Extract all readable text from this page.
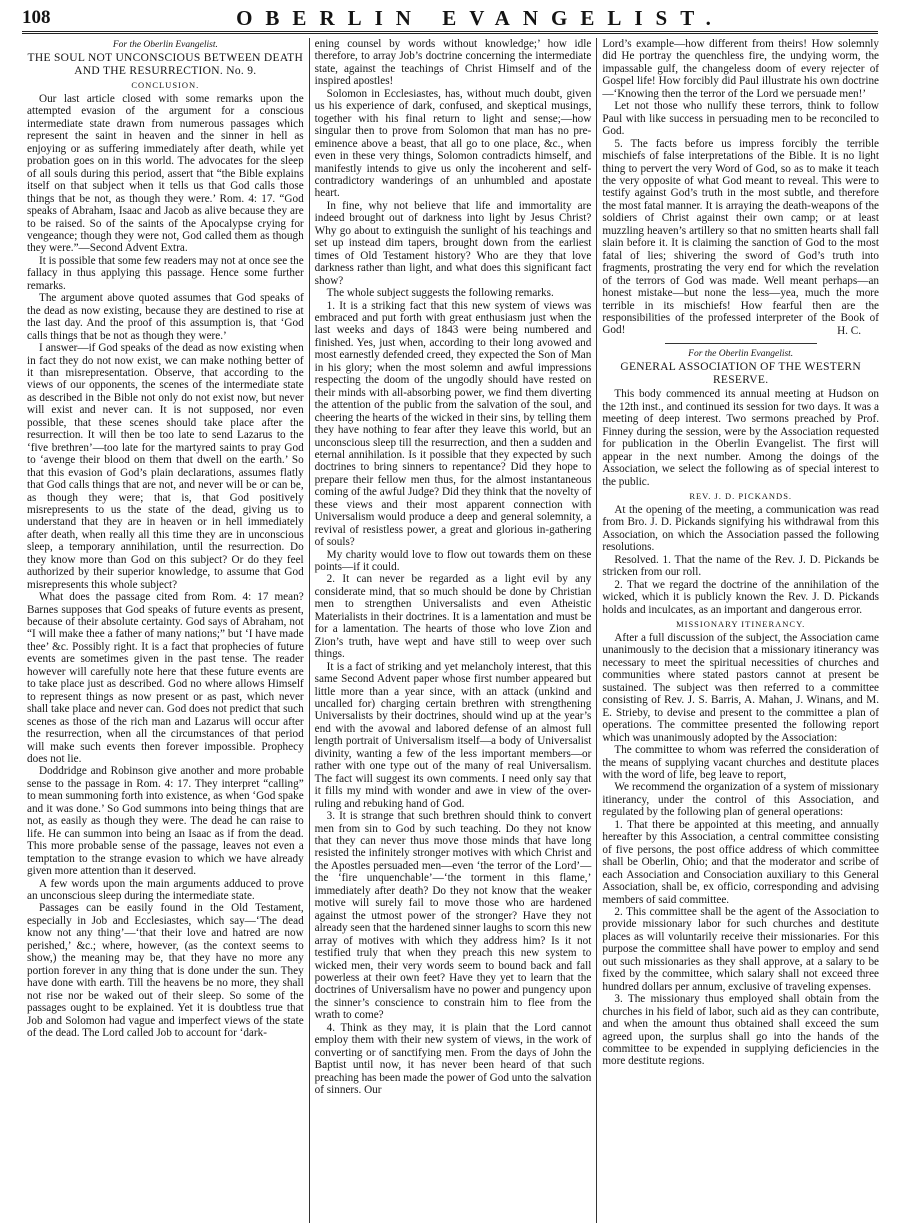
108	OBERLIN EVANGELIST.
For the Oberlin Evangelist.
THE SOUL NOT UNCONSCIOUS BETWEEN DEATH AND THE RESURRECTION. No. 9.
CONCLUSION.

Our last article closed with some remarks upon the attempted evasion of the argument for a conscious intermediate state drawn from numerous passages which represent the saint in heaven and the sinner in hell as enjoying or as suffering immediately after death, while yet probation goes on in this world. The advocates for the sleep of all souls during this period, assert that “the Bible explains itself on that subject when it tells us that God calls those things that be not, as though they were.’ Rom. 4: 17. “God speaks of Abraham, Isaac and Jacob as alive because they are to be raised. So of the saints of the Apocalypse crying for vengeance; though they were not, God called them as though they were.”—Second Advent Extra.

It is possible that some few readers may not at once see the fallacy in thus applying this passage. Hence some further remarks.

The argument above quoted assumes that God speaks of the dead as now existing, because they are destined to rise at the last day. And the proof of this assumption is, that ‘God calls things that be not as though they were.’

I answer—if God speaks of the dead as now existing when in fact they do not now exist, we can make nothing better of it than misrepresentation. Observe, that according to the views of our opponents, the scenes of the intermediate state as described in the Bible not only do not exist now, but never will exist and never can. It is not supposed, nor even possible, that these scenes should take place after the resurrection. It will then be too late to send Lazarus to the ‘five brethren’—too late for the martyred saints to pray God to ‘avenge their blood on them that dwell on the earth.’ So that this evasion of God’s plain declarations, assumes flatly that God calls things that are not, and never will be or can be, as though they were; that is, that God positively misrepresents to us the state of the dead, giving us to understand that they are in heaven or in hell immediately after death, when really all this time they are in unconscious sleep, a temporary annihilation, until the resurrection. Do they know more than God on this subject? Or do they feel authorized by their superior knowledge, to assume that God misrepresents this whole subject?

What does the passage cited from Rom. 4: 17 mean? Barnes supposes that God speaks of future events as present, because of their absolute certainty. God says of Abraham, not “I will make thee a father of many nations;” but ‘I have made thee’ &c. Possibly right. It is a fact that prophecies of future events are sometimes given in the past tense. The reader however will carefully note here that these future events are to take place just as described. God no where allows Himself to represent things as now present or as past, which never shall take place and never can. God does not predict that such scenes as those of the rich man and Lazarus will occur after the resurrection, when all the circumstances of that period will make such events then forever impossible. Prophecy does not lie.

Doddridge and Robinson give another and more probable sense to the passage in Rom. 4: 17. They interpret “calling” to mean summoning forth into existence, as when ‘God spake and it was done.’ So God summons into being things that are not, as easily as though they were. The dead he can raise to life. He can summon into being an Isaac as if from the dead. This more probable sense of the passage, leaves not even a temptation to the strange evasion to which we have already given more attention than it deserved.

A few words upon the main arguments adduced to prove an unconscious sleep during the intermediate state.

Passages can be easily found in the Old Testament, especially in Job and Ecclesiastes, which say—‘The dead know not any thing’—‘that their love and hatred are now perished,’ &c.; where, however, (as the context seems to show,) the meaning may be, that they have no more any portion forever in any thing that is done under the sun. They have done with earth. Till the heavens be no more, they shall not rise nor be waked out of their sleep. So some of the passages ought to be explained. Yet it is doubtless true that Job and Solomon had vague and imperfect views of the state of the dead. The Lord called Job to account for ‘dark-

ening counsel by words without knowledge;’ how idle therefore, to array Job’s doctrine concerning the intermediate state, against the teachings of Christ Himself and of the inspired apostles!

Solomon in Ecclesiastes, has, without much doubt, given us his experience of dark, confused, and skeptical musings, together with his final return to light and sense;—how singular then to prove from Solomon that man has no pre-eminence above a beast, that all go to one place, &c., when even in these very things, Solomon contradicts himself, and manifestly intends to give us only the incoherent and self-contradictory wanderings of an unhumbled and apostate heart.

In fine, why not believe that life and immortality are indeed brought out of darkness into light by Jesus Christ? Why go about to extinguish the sunlight of his teachings and set up instead dim tapers, brought down from the earliest times of Old Testament history? Who are they that love darkness rather than light, and what does this significant fact show?

The whole subject suggests the following remarks.

1. It is a striking fact that this new system of views was embraced and put forth with great enthusiasm just when the last weeks and days of 1843 were being numbered and finished. Yes, just when, according to their long avowed and most earnestly defended creed, they expected the Son of Man in his glory; when the most solemn and awful impressions respecting the doom of the ungodly should have rested on their minds with all-absorbing power, we find them diverting the attention of the public from the salvation of the soul, and cheering the hearts of the wicked in their sins, by telling them they have nothing to fear after they leave this world, but an unconscious sleep till the resurrection, and then a sudden and eternal annihilation. Is it possible that they expected by such doctrines to bring sinners to repentance? Did they hope to prepare their fellow men thus, for the almost instantaneous coming of the awful Judge? Did they think that the novelty of these views and their most apparent connection with Universalism would produce a deep and general solemnity, a revival of resistless power, a great and glorious in-gathering of souls?

My charity would love to flow out towards them on these points—if it could.

2. It can never be regarded as a light evil by any considerate mind, that so much should be done by Christian men to strengthen Universalists and even Atheistic Materialists in their doctrines. It is a lamentation and must be for a lamentation. The hearts of those who love Zion and Zion’s truth, have wept and have still to weep over such things.

It is a fact of striking and yet melancholy interest, that this same Second Advent paper whose first number appeared but little more than a year since, with an attack (unkind and uncalled for) charging certain brethren with strengthening Universalists by their doctrines, should wind up at the year’s end with the avowal and labored defense of an almost full length portrait of Universalism itself—a body of Universalist divinity, wanting a few of the less important members—or rather with one type out of the many of real Universalism. The fact will suggest its own comments. I need only say that it fills my mind with wonder and awe in view of the over-ruling and rebuking hand of God.

3. It is strange that such brethren should think to convert men from sin to God by such teaching. Do they not know that they can never thus move those minds that have long resisted the infinitely stronger motives with which Christ and the Apostles persuaded men—even ‘the terror of the Lord’—the ‘fire unquenchable’—‘the torment in this flame,’ immediately after death? Do they not know that the weaker motive will surely fail to move those who are hardened against the utmost power of the stronger? Have they not already seen that the hardened sinner laughs to scorn this new array of motives with which they address him? Is it not testified truly that when they preach this new system to wicked men, their very words seem to bound back and fall powerless at their own feet? Have they yet to learn that the doctrines of Universalism have no power and pungency upon the sinner’s conscience to constrain him to flee from the wrath to come?

4. Think as they may, it is plain that the Lord cannot employ them with their new system of views, in the work of converting or of sanctifying men. From the days of John the Baptist until now, it has never been heard of that such preaching has been made the power of God unto the salvation of sinners. Our

Lord’s example—how different from theirs! How solemnly did He portray the quenchless fire, the undying worm, the impassable gulf, the changeless doom of every rejecter of Gospel life! How forcibly did Paul illustrate his own doctrine—‘Knowing then the terror of the Lord we persuade men!’

Let not those who nullify these terrors, think to follow Paul with like success in persuading men to be reconciled to God.

5. The facts before us impress forcibly the terrible mischiefs of false interpretations of the Bible. It is no light thing to pervert the very Word of God, so as to make it teach the very opposite of what God meant to reveal. This were to testify against God’s truth in the most subtle, and therefore the most fatal manner. It is arraying the death-weapons of the soldiers of Christ against their own camp; or at least muzzling heaven’s artillery so that no smitten hearts shall fall slain before it. It is claiming the sanction of God to the most fatal of lies; shivering the sword of God’s truth into fragments, prostrating the very end for which the revelation of the terrors of God was made. Well meant perhaps—an honest mistake—but none the less—yea, much the more terrible in its mischiefs! How fearful then are the responsibilities of the professed interpreter of the Book of God!	H. C.
For the Oberlin Evangelist.
GENERAL ASSOCIATION OF THE WESTERN RESERVE.

This body commenced its annual meeting at Hudson on the 12th inst., and continued its session for two days. It was a meeting of deep interest. Two sermons preached by Prof. Finney during the session, were by the Association requested for publication in the Oberlin Evangelist. The first will appear in the next number. Among the doings of the Association, we select the following as of special interest to the public.

REV. J. D. PICKANDS.

At the opening of the meeting, a communication was read from Bro. J. D. Pickands signifying his withdrawal from this Association, on which the Association passed the following resolutions.

Resolved. 1. That the name of the Rev. J. D. Pickands be stricken from our roll.

2. That we regard the doctrine of the annihilation of the wicked, which it is publicly known the Rev. J. D. Pickands holds and inculcates, as an important and dangerous error.

MISSIONARY ITINERANCY.

After a full discussion of the subject, the Association came unanimously to the decision that a missionary itinerancy was necessary to meet the spiritual necessities of churches and communities where stated pastors cannot at present be sustained. The subject was then referred to a committee consisting of Rev. J. S. Barris, A. Mahan, J. Winans, and M. E. Strieby, to devise and present to the committee a plan of operations. The committee presented the following report which was unanimously adopted by the Association:

The committee to whom was referred the consideration of the means of supplying vacant churches and destitute places with the word of life, beg leave to report,

We recommend the organization of a system of missionary itinerancy, under the control of this Association, and regulated by the following plan of general operations:

1. That there be appointed at this meeting, and annually hereafter by this Association, a central committee consisting of five persons, the post office address of which committee shall be Oberlin, Ohio; and that the moderator and scribe of each Association and Consociation auxiliary to this General Association, shall be, ex officio, corresponding and advising members of said committee.

2. This committee shall be the agent of the Association to provide missionary labor for such churches and destitute places as will voluntarily receive their missionaries. For this purpose the committee shall have power to employ and send out such missionaries as they shall approve, at a salary to be fixed by the committee, which salary shall not exceed three hundred dollars per annum, exclusive of traveling expenses.

3. The missionary thus employed shall obtain from the churches in his field of labor, such aid as they can contribute, and when the amount thus obtained shall exceed the sum agreed upon, the surplus shall go into the hands of the committee to be expended in supplying deficiencies in the more destitute regions.
